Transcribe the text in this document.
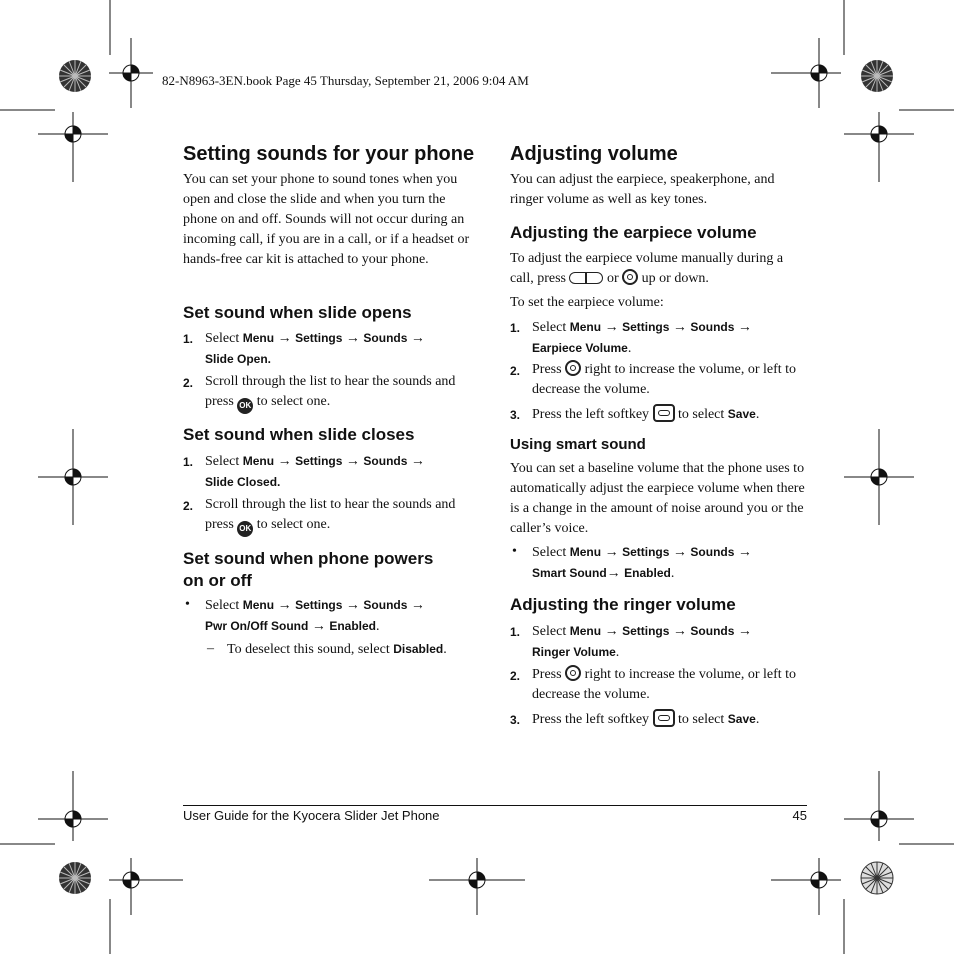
82-N8963-3EN.book Page 45 Thursday, September 21, 2006 9:04 AM
Setting sounds for your phone

You can set your phone to sound tones when you open and close the slide and when you turn the phone on and off. Sounds will not occur during an incoming call, if you are in a call, or if a headset or hands-free car kit is attached to your phone.

Set sound when slide opens
1. Select Menu → Settings → Sounds →
Slide Open.
2. Scroll through the list to hear the sounds and press OK to select one.
Set sound when slide closes
1. Select Menu → Settings → Sounds →
Slide Closed.
2. Scroll through the list to hear the sounds and press OK to select one.
Set sound when phone powers
on or off
• Select Menu → Settings → Sounds →
Pwr On/Off Sound → Enabled.
– To deselect this sound, select Disabled.
Adjusting volume

You can adjust the earpiece, speakerphone, and ringer volume as well as key tones.

Adjusting the earpiece volume
To adjust the earpiece volume manually during a call, press	or up or down.

To set the earpiece volume:

1. Select Menu → Settings → Sounds →
Earpiece Volume.
2. Press right to increase the volume, or left to decrease the volume.
3. Press the left softkey to select Save.
Using smart sound

You can set a baseline volume that the phone uses to automatically adjust the earpiece volume when there is a change in the amount of noise around you or the caller’s voice.

• Select Menu → Settings → Sounds →
Smart Sound→ Enabled.
Adjusting the ringer volume
1. Select Menu → Settings → Sounds →
Ringer Volume.
2. Press right to increase the volume, or left to decrease the volume.
3. Press the left softkey to select Save.
User Guide for the Kyocera Slider Jet Phone	45
